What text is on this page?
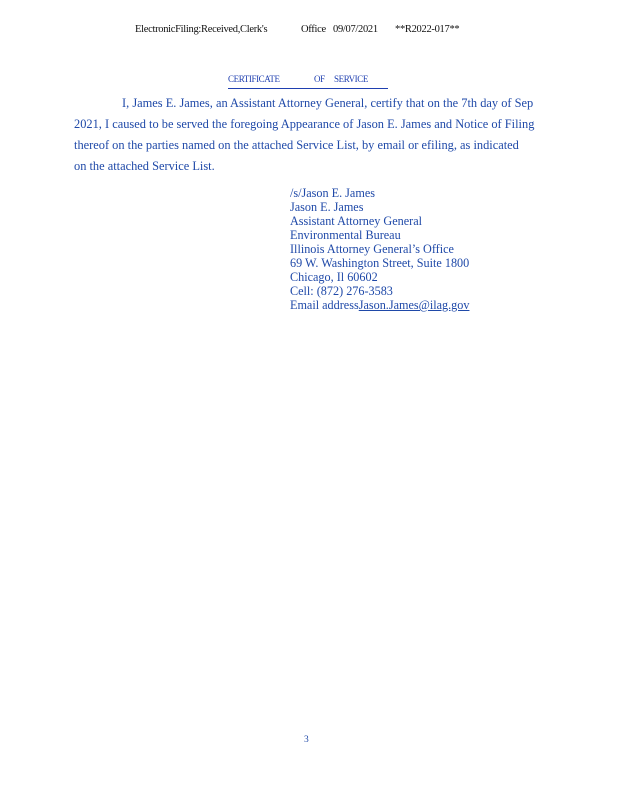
ElectronicFiling:Received,Clerk's	Office 09/07/2021 **R2022-017**
CERTIFICATE	OF SERVICE
I, James E. James, an Assistant Attorney General, certify that on the 7th day of Sep
2021, I caused to be served the foregoing Appearance of Jason E. James and Notice of Filing
thereof on the parties named on the attached Service List, by email or efiling, as indicated
on the attached Service List.
/s/Jason E. James
Jason E. James
Assistant Attorney General
Environmental Bureau
Illinois Attorney General’s Office
69 W. Washington Street, Suite 1800
Chicago, Il 60602
Cell: (872) 276-3583
Email addressJason.James@ilag.gov
3
